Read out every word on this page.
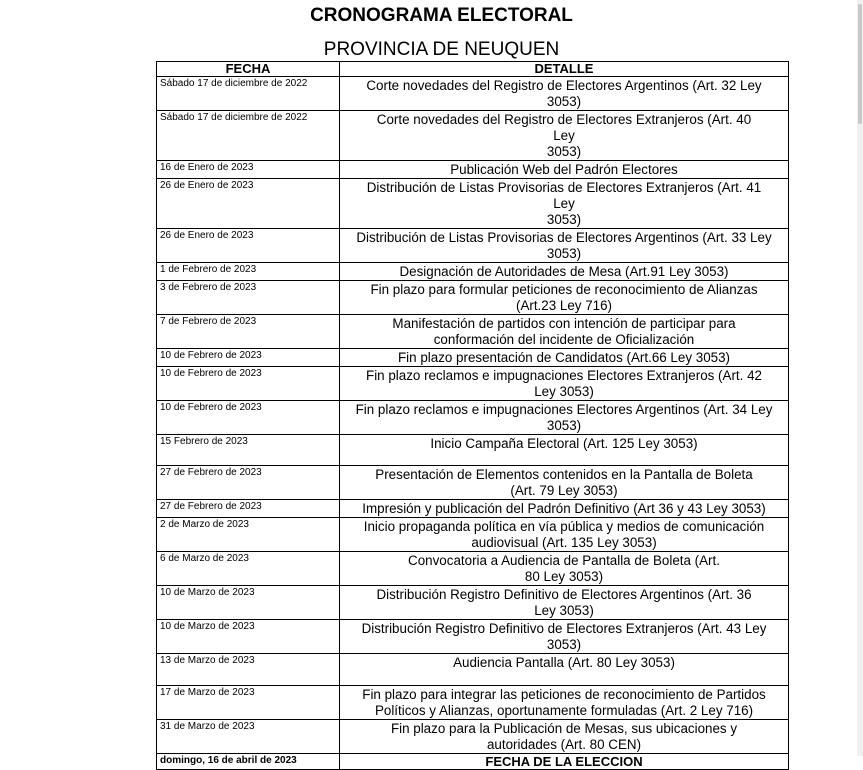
CRONOGRAMA ELECTORAL
PROVINCIA DE NEUQUEN
FECHA	DETALLE
Sábado 17 de diciembre de 2022	Corte novedades del Registro de Electores Argentinos (Art. 32 Ley
3053)

Sábado 17 de diciembre de 2022	Corte novedades del Registro de Electores Extranjeros (Art. 40
Ley
3053)

16 de Enero de 2023	Publicación Web del Padrón Electores

26 de Enero de 2023	Distribución de Listas Provisorias de Electores Extranjeros (Art. 41
Ley
3053)

26 de Enero de 2023	Distribución de Listas Provisorias de Electores Argentinos (Art. 33 Ley
3053)

1 de Febrero de 2023	Designación de Autoridades de Mesa (Art.91 Ley 3053)

3 de Febrero de 2023	Fin plazo para formular peticiones de reconocimiento de Alianzas
(Art.23 Ley 716)

7 de Febrero de 2023	Manifestación de partidos con intención de participar para
conformación del incidente de Oficialización

10 de Febrero de 2023	Fin plazo presentación de Candidatos (Art.66 Ley 3053)

10 de Febrero de 2023	Fin plazo reclamos e impugnaciones Electores Extranjeros (Art. 42
Ley 3053)

10 de Febrero de 2023	Fin plazo reclamos e impugnaciones Electores Argentinos (Art. 34 Ley
3053)

15 Febrero de 2023	Inicio Campaña Electoral (Art. 125 Ley 3053)

27 de Febrero de 2023	Presentación de Elementos contenidos en la Pantalla de Boleta
(Art. 79 Ley 3053)

27 de Febrero de 2023	Impresión y publicación del Padrón Definitivo (Art 36 y 43 Ley 3053)

2 de Marzo de 2023	Inicio propaganda política en vía pública y medios de comunicación
audiovisual (Art. 135 Ley 3053)

6 de Marzo de 2023	Convocatoria a Audiencia de Pantalla de Boleta (Art.
80 Ley 3053)

10 de Marzo de 2023	Distribución Registro Definitivo de Electores Argentinos (Art. 36
Ley 3053)

10 de Marzo de 2023	Distribución Registro Definitivo de Electores Extranjeros (Art. 43 Ley
3053)

13 de Marzo de 2023	Audiencia Pantalla (Art. 80 Ley 3053)

17 de Marzo de 2023	Fin plazo para integrar las peticiones de reconocimiento de Partidos
Políticos y Alianzas, oportunamente formuladas (Art. 2 Ley 716)

31 de Marzo de 2023	Fin plazo para la Publicación de Mesas, sus ubicaciones y
autoridades (Art. 80 CEN)

domingo, 16 de abril de 2023	FECHA DE LA ELECCION
